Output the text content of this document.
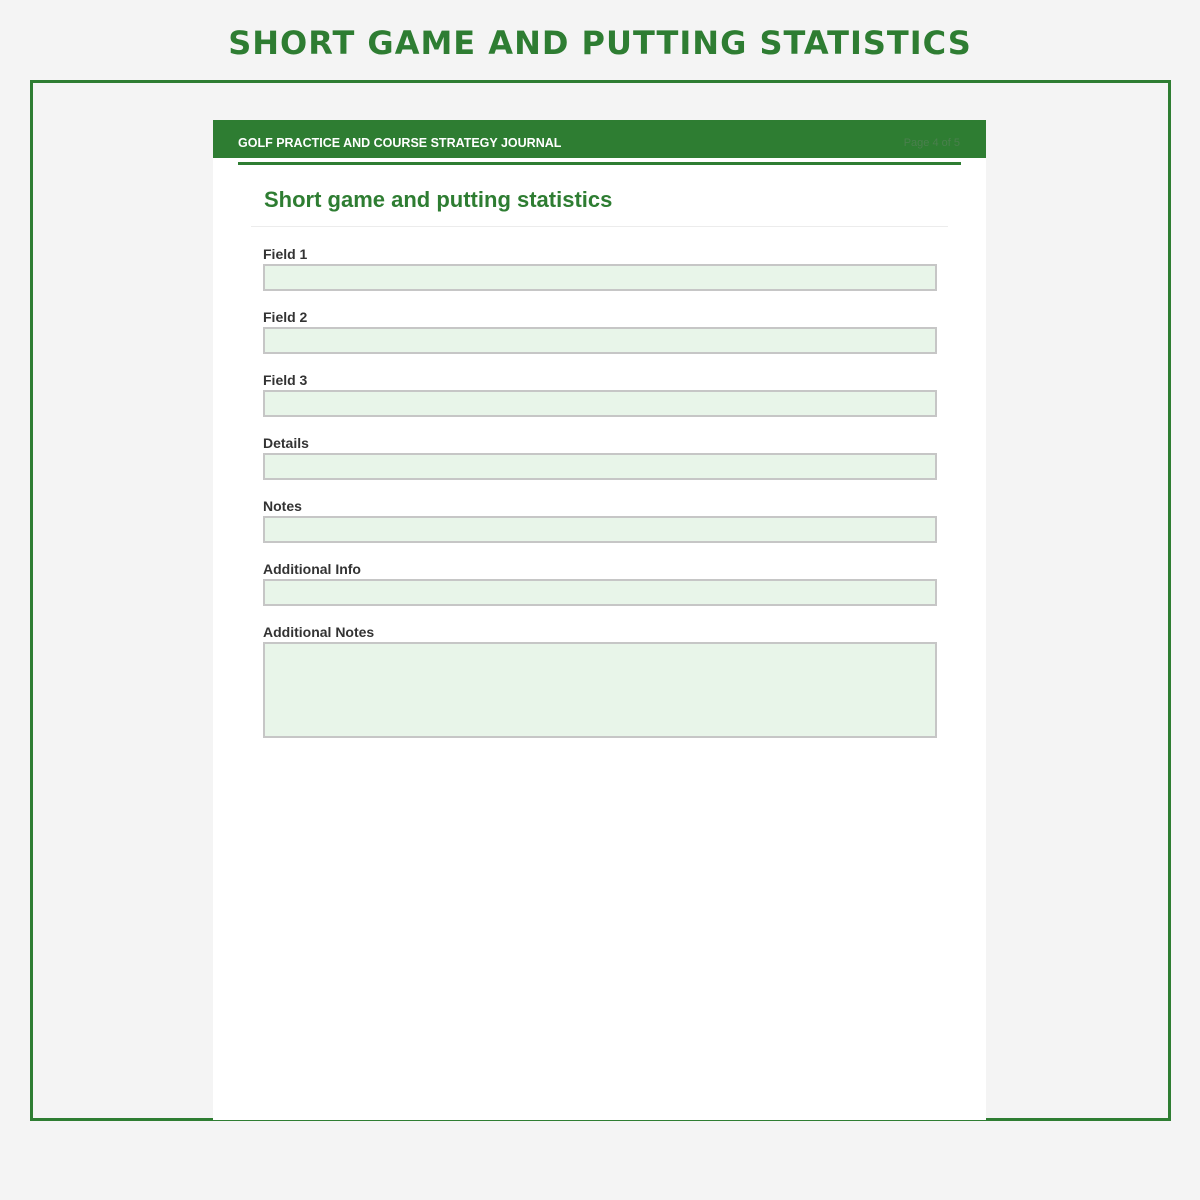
SHORT GAME AND PUTTING STATISTICS
GOLF PRACTICE AND COURSE STRATEGY JOURNAL	Page 4 of 5
Short game and putting statistics
Field 1
Field 2
Field 3
Details
Notes
Additional Info
Additional Notes
